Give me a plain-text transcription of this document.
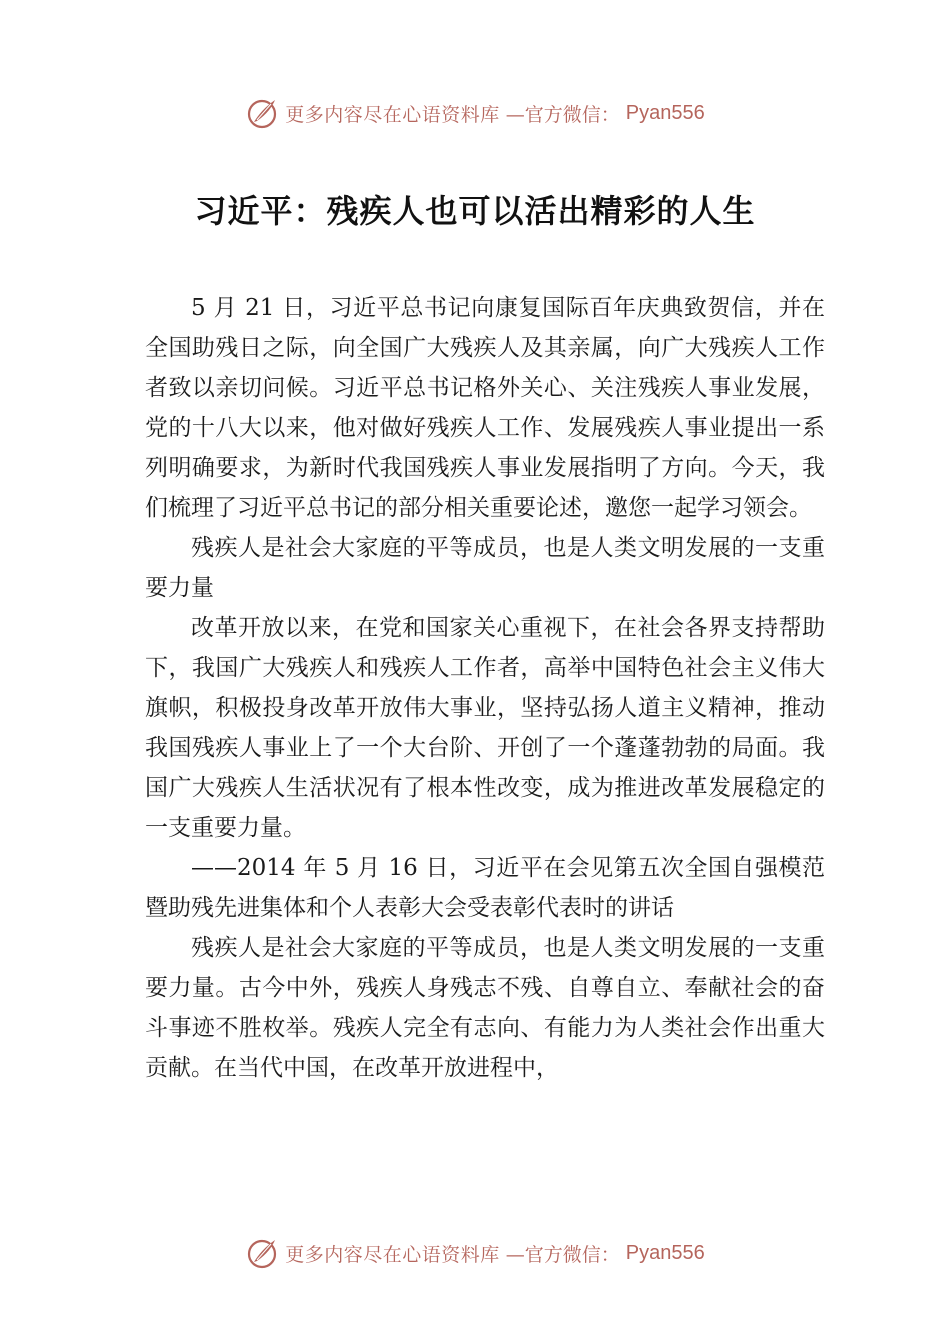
更多内容尽在心语资料库 —官方微信： Pyan556
习近平：残疾人也可以活出精彩的人生

5 月 21 日，习近平总书记向康复国际百年庆典致贺信，并在全国助残日之际，向全国广大残疾人及其亲属，向广大残疾人工作者致以亲切问候。习近平总书记格外关心、关注残疾人事业发展，党的十八大以来，他对做好残疾人工作、发展残疾人事业提出一系列明确要求，为新时代我国残疾人事业发展指明了方向。今天，我们梳理了习近平总书记的部分相关重要论述，邀您一起学习领会。

残疾人是社会大家庭的平等成员，也是人类文明发展的一支重要力量

改革开放以来，在党和国家关心重视下，在社会各界支持帮助下，我国广大残疾人和残疾人工作者，高举中国特色社会主义伟大旗帜，积极投身改革开放伟大事业，坚持弘扬人道主义精神，推动我国残疾人事业上了一个大台阶、开创了一个蓬蓬勃勃的局面。我国广大残疾人生活状况有了根本性改变，成为推进改革发展稳定的一支重要力量。

——2014 年 5 月 16 日，习近平在会见第五次全国自强模范暨助残先进集体和个人表彰大会受表彰代表时的讲话

残疾人是社会大家庭的平等成员，也是人类文明发展的一支重要力量。古今中外，残疾人身残志不残、自尊自立、奉献社会的奋斗事迹不胜枚举。残疾人完全有志向、有能力为人类社会作出重大贡献。在当代中国，在改革开放进程中，

更多内容尽在心语资料库 —官方微信： Pyan556
